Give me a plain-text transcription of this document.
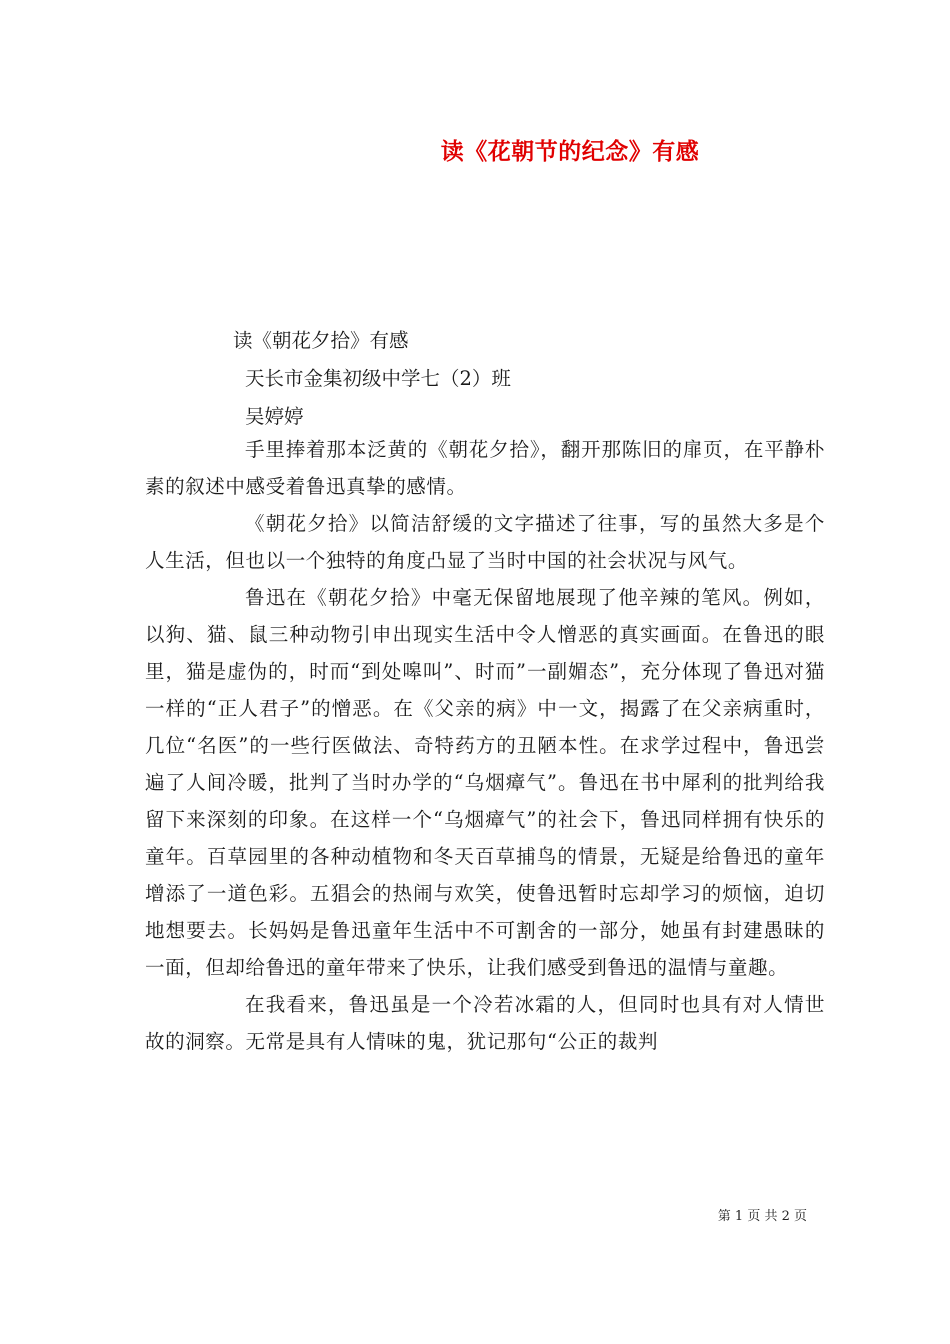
读《花朝节的纪念》有感
读《朝花夕拾》有感
天长市金集初级中学七（2）班
吴婷婷

手里捧着那本泛黄的《朝花夕拾》，翻开那陈旧的扉页，在平静朴素的叙述中感受着鲁迅真挚的感情。

《朝花夕拾》以简洁舒缓的文字描述了往事，写的虽然大多是个人生活，但也以一个独特的角度凸显了当时中国的社会状况与风气。

鲁迅在《朝花夕拾》中毫无保留地展现了他辛辣的笔风。例如，以狗、猫、鼠三种动物引申出现实生活中令人憎恶的真实画面。在鲁迅的眼里，猫是虚伪的，时而“到处嗥叫”、时而”一副媚态”，充分体现了鲁迅对猫一样的“正人君子”的憎恶。在《父亲的病》中一文，揭露了在父亲病重时，几位“名医”的一些行医做法、奇特药方的丑陋本性。在求学过程中，鲁迅尝遍了人间冷暖，批判了当时办学的“乌烟瘴气”。鲁迅在书中犀利的批判给我留下来深刻的印象。在这样一个“乌烟瘴气”的社会下，鲁迅同样拥有快乐的童年。百草园里的各种动植物和冬天百草捕鸟的情景，无疑是给鲁迅的童年增添了一道色彩。五猖会的热闹与欢笑，使鲁迅暂时忘却学习的烦恼，迫切地想要去。长妈妈是鲁迅童年生活中不可割舍的一部分，她虽有封建愚昧的一面，但却给鲁迅的童年带来了快乐，让我们感受到鲁迅的温情与童趣。

在我看来，鲁迅虽是一个冷若冰霜的人，但同时也具有对人情世故的洞察。无常是具有人情味的鬼，犹记那句“公正的裁判

第 1 页 共 2 页
